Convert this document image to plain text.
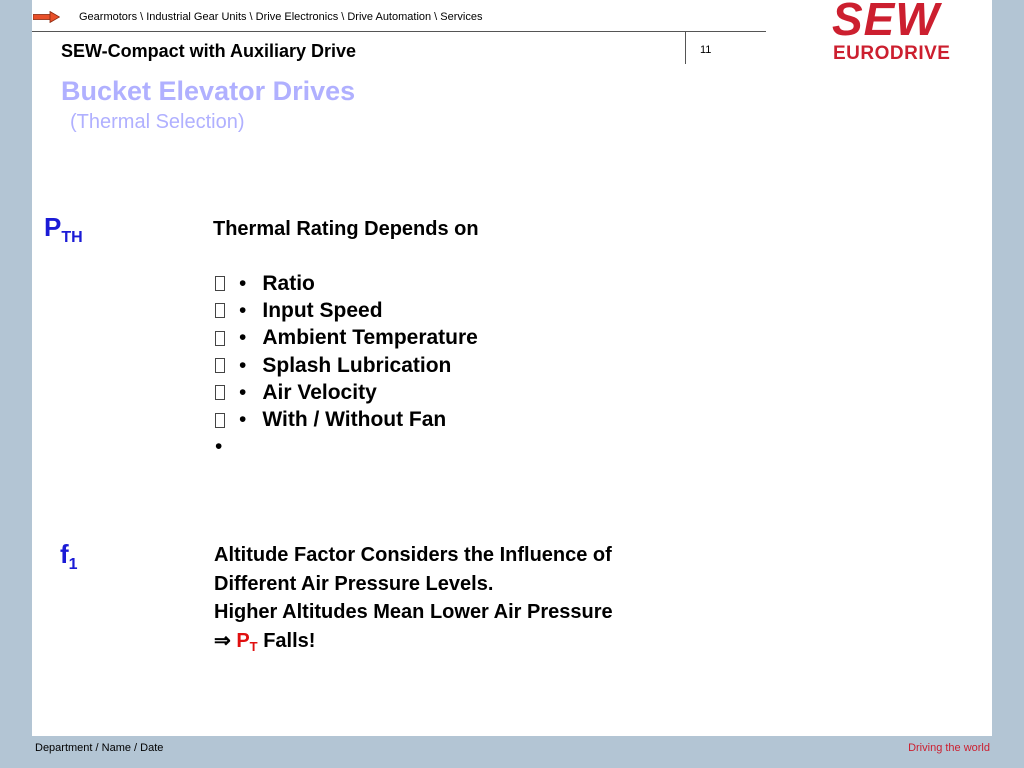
Gearmotors \ Industrial Gear Units \ Drive Electronics \ Drive Automation \ Services
SEW-Compact with Auxiliary Drive	11
SEW
EURODRIVE
Bucket Elevator Drives
(Thermal Selection)
$P_{TH}$	Thermal Rating Depends on
• Ratio
• Input Speed
• Ambient Temperature
• Splash Lubrication
• Air Velocity
• With / Without Fan
•
$f_1$	Altitude Factor Considers the Influence of
Different Air Pressure Levels.
Higher Altitudes Mean Lower Air Pressure
⇒ $P_T$ Falls!
Department / Name / Date	Driving the world
